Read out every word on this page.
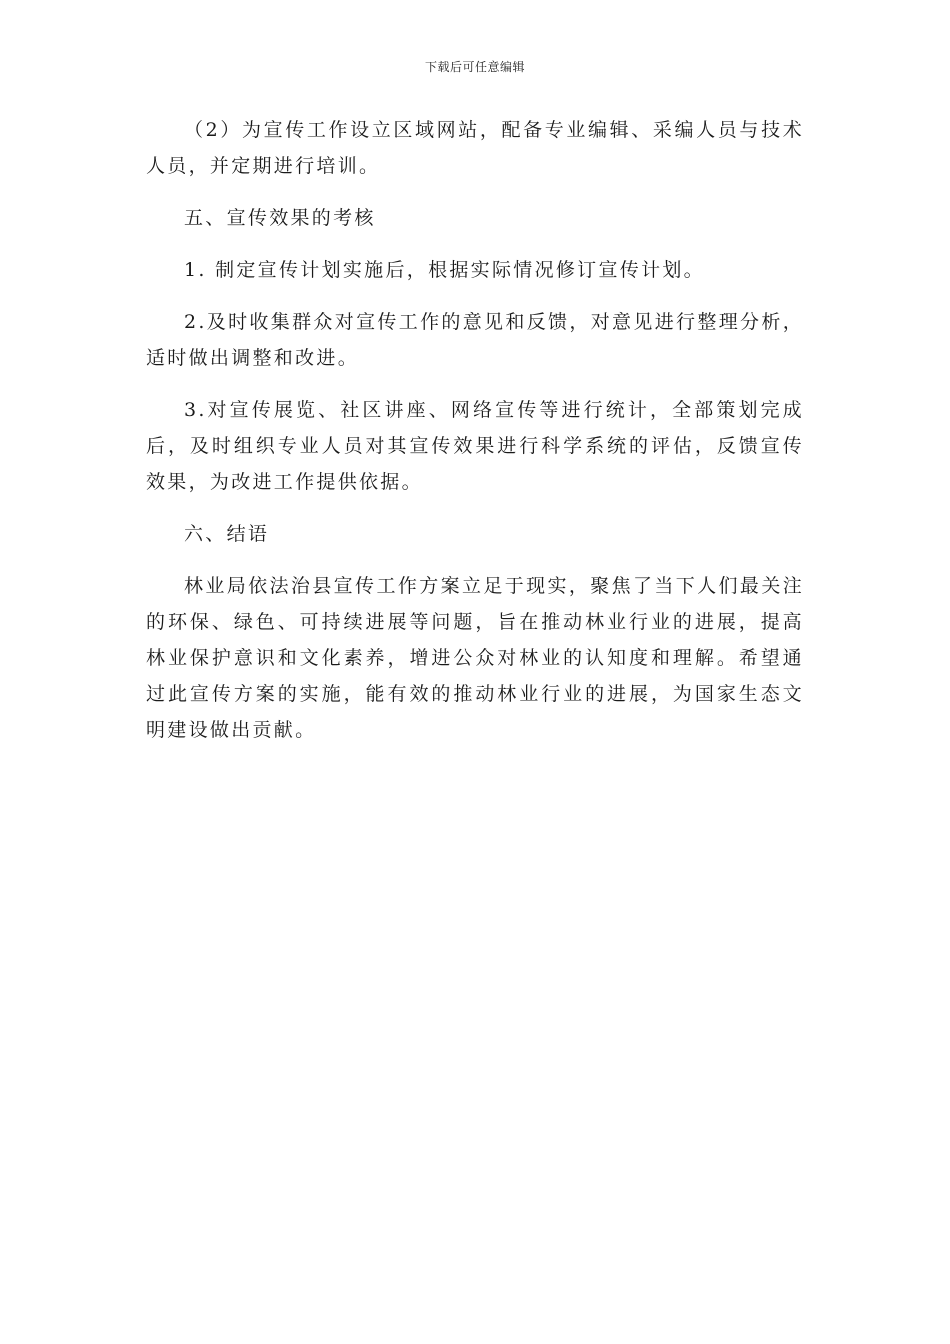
下载后可任意编辑

（2）为宣传工作设立区域网站，配备专业编辑、采编人员与技术人员，并定期进行培训。

五、宣传效果的考核

1. 制定宣传计划实施后，根据实际情况修订宣传计划。

2.及时收集群众对宣传工作的意见和反馈，对意见进行整理分析，适时做出调整和改进。

3.对宣传展览、社区讲座、网络宣传等进行统计，全部策划完成后，及时组织专业人员对其宣传效果进行科学系统的评估，反馈宣传效果，为改进工作提供依据。

六、结语

林业局依法治县宣传工作方案立足于现实，聚焦了当下人们最关注的环保、绿色、可持续进展等问题，旨在推动林业行业的进展，提高林业保护意识和文化素养，增进公众对林业的认知度和理解。希望通过此宣传方案的实施，能有效的推动林业行业的进展，为国家生态文明建设做出贡献。
